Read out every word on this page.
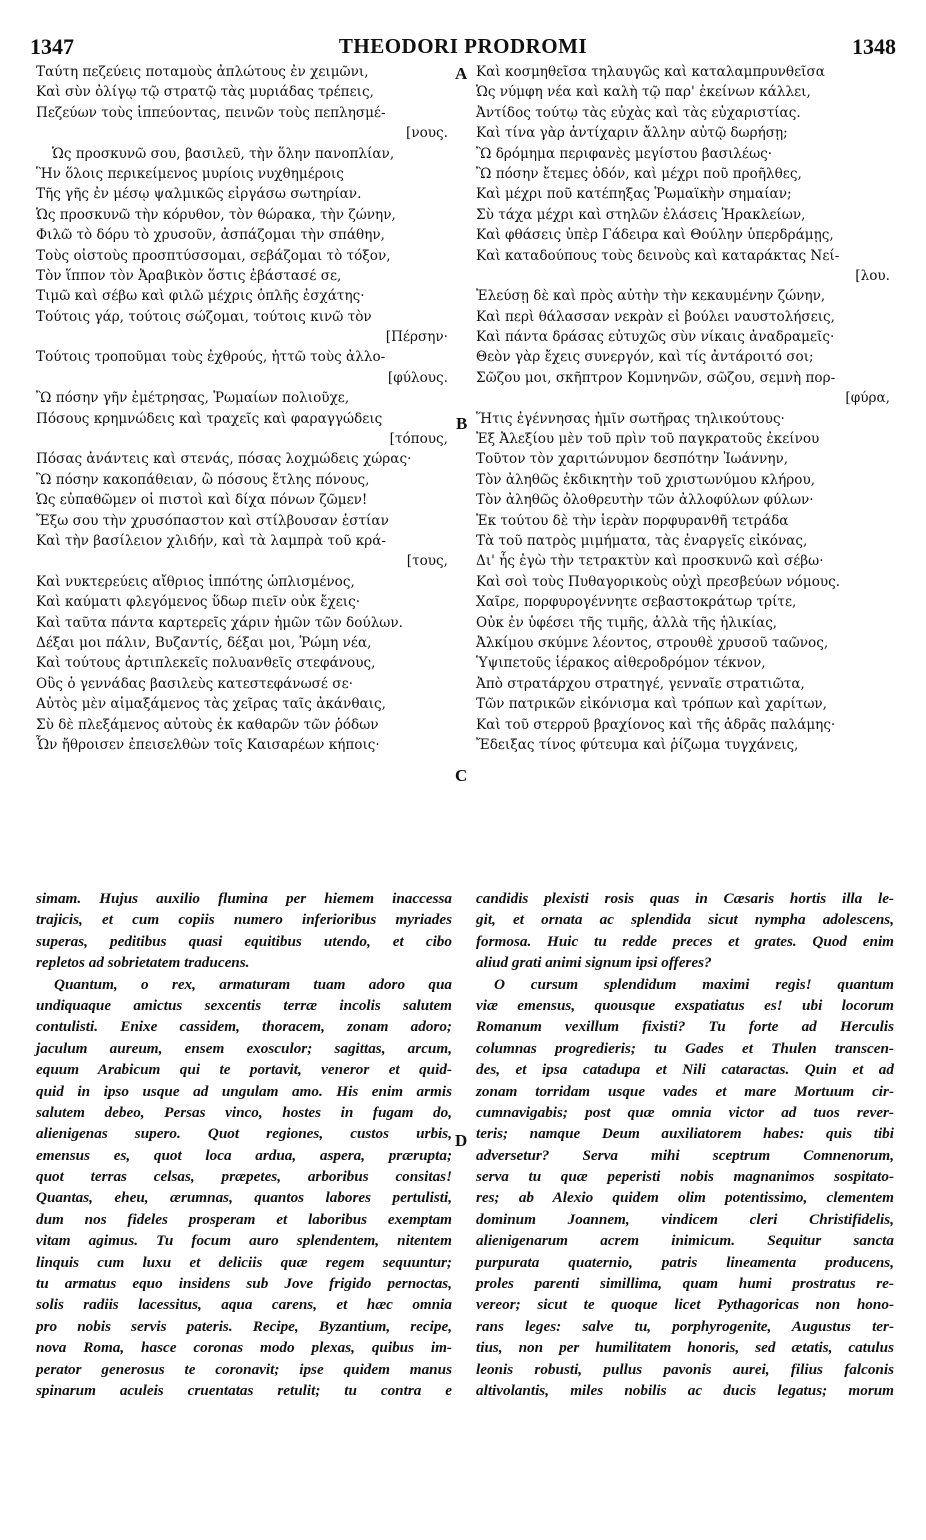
1347	THEODORI PRODROMI	1348
Ταύτη πεζεύεις ποταμοὺς ἀπλώτους ἐν χειμῶνι,
Καὶ σὺν ὀλίγῳ τῷ στρατῷ τὰς μυριάδας τρέπεις,
Πεζεύων τοὺς ἱππεύοντας, πεινῶν τοὺς πεπλησμέ-
[νους.
Ὡς προσκυνῶ σου, βασιλεῦ, τὴν ὅλην πανοπλίαν,
Ἣν ὅλοις περικείμενος μυρίοις νυχθημέροις
Τῆς γῆς ἐν μέσῳ ψαλμικῶς εἰργάσω σωτηρίαν.
Ὡς προσκυνῶ τὴν κόρυθον, τὸν θώρακα, τὴν ζώνην,
Φιλῶ τὸ δόρυ τὸ χρυσοῦν, ἀσπάζομαι τὴν σπάθην,
Τοὺς οἰστοὺς προσπτύσσομαι, σεβάζομαι τὸ τόξον,
Τὸν ἵππον τὸν Ἀραβικὸν ὅστις ἐβάστασέ σε,
Τιμῶ καὶ σέβω καὶ φιλῶ μέχρις ὁπλῆς ἐσχάτης·
Τούτοις γάρ, τούτοις σώζομαι, τούτοις κινῶ τὸν
[Πέρσην·
Τούτοις τροποῦμαι τοὺς ἐχθρούς, ἡττῶ τοὺς ἀλλο-
[φύλους.
Ὢ πόσην γῆν ἐμέτρησας, Ῥωμαίων πολιοῦχε,
Πόσους κρημνώδεις καὶ τραχεῖς καὶ φαραγγώδεις
[τόπους,
Πόσας ἀνάντεις καὶ στενάς, πόσας λοχμώδεις χώρας·
Ὢ πόσην κακοπάθειαν, ὢ πόσους ἔτλης πόνους,
Ὡς εὐπαθῶμεν οἱ πιστοὶ καὶ δίχα πόνων ζῶμεν!
Ἔξω σου τὴν χρυσόπαστον καὶ στίλβουσαν ἑστίαν
Καὶ τὴν βασίλειον χλιδήν, καὶ τὰ λαμπρὰ τοῦ κρά-
[τους,
Καὶ νυκτερεύεις αἴθριος ἱππότης ὡπλισμένος,
Καὶ καύματι φλεγόμενος ὕδωρ πιεῖν οὐκ ἔχεις·
Καὶ ταῦτα πάντα καρτερεῖς χάριν ἡμῶν τῶν δούλων.
Δέξαι μοι πάλιν, Βυζαντίς, δέξαι μοι, Ῥώμη νέα,
Καὶ τούτους ἀρτιπλεκεῖς πολυανθεῖς στεφάνους,
Οὓς ὁ γεννάδας βασιλεὺς κατεστεφάνωσέ σε·
Αὐτὸς μὲν αἱμαξάμενος τὰς χεῖρας ταῖς ἀκάνθαις,
Σὺ δὲ πλεξάμενος αὐτοὺς ἐκ καθαρῶν τῶν ῥόδων
Ὧν ἤθροισεν ἐπεισελθὼν τοῖς Καισαρέων κήποις·
Καὶ κοσμηθεῖσα τηλαυγῶς καὶ καταλαμπρυνθεῖσα
Ὡς νύμφη νέα καὶ καλὴ τῷ παρ' ἐκείνων κάλλει,
Ἀντίδος τούτῳ τὰς εὐχὰς καὶ τὰς εὐχαριστίας.
Καὶ τίνα γὰρ ἀντίχαριν ἄλλην αὐτῷ δωρήσῃ;
Ὢ δρόμημα περιφανὲς μεγίστου βασιλέως·
Ὢ πόσην ἔτεμες ὁδόν, καὶ μέχρι ποῦ προῆλθες,
Καὶ μέχρι ποῦ κατέπηξας Ῥωμαϊκὴν σημαίαν;
Σὺ τάχα μέχρι καὶ στηλῶν ἐλάσεις Ἡρακλείων,
Καὶ φθάσεις ὑπὲρ Γάδειρα καὶ Θούλην ὑπερδράμῃς,
Καὶ καταδούπους τοὺς δεινοὺς καὶ καταράκτας Νεί-
[λου.
Ἐλεύσῃ δὲ καὶ πρὸς αὐτὴν τὴν κεκαυμένην ζώνην,
Καὶ περὶ θάλασσαν νεκρὰν εἰ βούλει ναυστολήσεις,
Καὶ πάντα δράσας εὐτυχῶς σὺν νίκαις ἀναδραμεῖς·
Θεὸν γὰρ ἔχεις συνεργόν, καὶ τίς ἀντάροιτό σοι;
Σῶζου μοι, σκῆπτρον Κομνηνῶν, σῶζου, σεμνὴ πορ-
[φύρα,
Ἥτις ἐγέννησας ἡμῖν σωτῆρας τηλικούτους·
Ἐξ Ἀλεξίου μὲν τοῦ πρὶν τοῦ παγκρατοῦς ἐκείνου
Τοῦτον τὸν χαριτώνυμον δεσπότην Ἰωάννην,
Τὸν ἀληθῶς ἐκδικητὴν τοῦ χριστωνύμου κλήρου,
Τὸν ἀληθῶς ὀλοθρευτὴν τῶν ἀλλοφύλων φύλων·
Ἐκ τούτου δὲ τὴν ἱερὰν πορφυρανθῆ τετράδα
Τὰ τοῦ πατρὸς μιμήματα, τὰς ἐναργεῖς εἰκόνας,
Δι' ἧς ἐγὼ τὴν τετρακτὺν καὶ προσκυνῶ καὶ σέβω·
Καὶ σοὶ τοὺς Πυθαγορικοὺς οὐχὶ πρεσβεύων νόμους.
Χαῖρε, πορφυρογέννητε σεβαστοκράτωρ τρίτε,
Οὐκ ἐν ὑφέσει τῆς τιμῆς, ἀλλὰ τῆς ἡλικίας,
Ἀλκίμου σκύμνε λέοντος, στρουθὲ χρυσοῦ ταῶνος,
Ὑψιπετοῦς ἱέρακος αἰθεροδρόμον τέκνον,
Ἀπὸ στρατάρχου στρατηγέ, γενναῖε στρατιῶτα,
Τῶν πατρικῶν εἰκόνισμα καὶ τρόπων καὶ χαρίτων,
Καὶ τοῦ στερροῦ βραχίονος καὶ τῆς ἁδρᾶς παλάμης·
Ἔδειξας τίνος φύτευμα καὶ ῥίζωμα τυγχάνεις,
A
B
C
D
simam. Hujus auxilio flumina per hiemem inaccessa
trajicis, et cum copiis numero inferioribus myriades
superas, peditibus quasi equitibus utendo, et cibo
repletos ad sobrietatem traducens.
Quantum, o rex, armaturam tuam adoro qua
undiquaque amictus sexcentis terræ incolis salutem
contulisti. Enixe cassidem, thoracem, zonam adoro;
jaculum aureum, ensem exosculor; sagittas, arcum,
equum Arabicum qui te portavit, veneror et quid-
quid in ipso usque ad ungulam amo. His enim armis
salutem debeo, Persas vinco, hostes in fugam do,
alienigenas supero. Quot regiones, custos urbis,
emensus es, quot loca ardua, aspera, prærupta;
quot terras celsas, præpetes, arboribus consitas!
Quantas, eheu, ærumnas, quantos labores pertulisti,
dum nos fideles prosperam et laboribus exemptam
vitam agimus. Tu focum auro splendentem, nitentem
linquis cum luxu et deliciis quæ regem sequuntur;
tu armatus equo insidens sub Jove frigido pernoctas,
solis radiis lacessitus, aqua carens, et hæc omnia
pro nobis servis pateris. Recipe, Byzantium, recipe,
nova Roma, hasce coronas modo plexas, quibus im-
perator generosus te coronavit; ipse quidem manus
spinarum aculeis cruentatas retulit; tu contra e
candidis plexisti rosis quas in Cæsaris hortis illa le-
git, et ornata ac splendida sicut nympha adolescens,
formosa. Huic tu redde preces et grates. Quod enim
aliud grati animi signum ipsi offeres?
O cursum splendidum maximi regis! quantum
viæ emensus, quousque exspatiatus es! ubi locorum
Romanum vexillum fixisti? Tu forte ad Herculis
columnas progredieris; tu Gades et Thulen transcen-
des, et ipsa catadupa et Nili cataractas. Quin et ad
zonam torridam usque vades et mare Mortuum cir-
cumnavigabis; post quæ omnia victor ad tuos rever-
teris; namque Deum auxiliatorem habes: quis tibi
adversetur? Serva mihi sceptrum Comnenorum,
serva tu quæ peperisti nobis magnanimos sospitato-
res; ab Alexio quidem olim potentissimo, clementem
dominum Joannem, vindicem cleri Christifidelis,
alienigenarum acrem inimicum. Sequitur sancta
purpurata quaternio, patris lineamenta producens,
proles parenti simillima, quam humi prostratus re-
vereor; sicut te quoque licet Pythagoricas non hono-
rans leges: salve tu, porphyrogenite, Augustus ter-
tius, non per humilitatem honoris, sed ætatis, catulus
leonis robusti, pullus pavonis aurei, filius falconis
altivolantis, miles nobilis ac ducis legatus; morum
